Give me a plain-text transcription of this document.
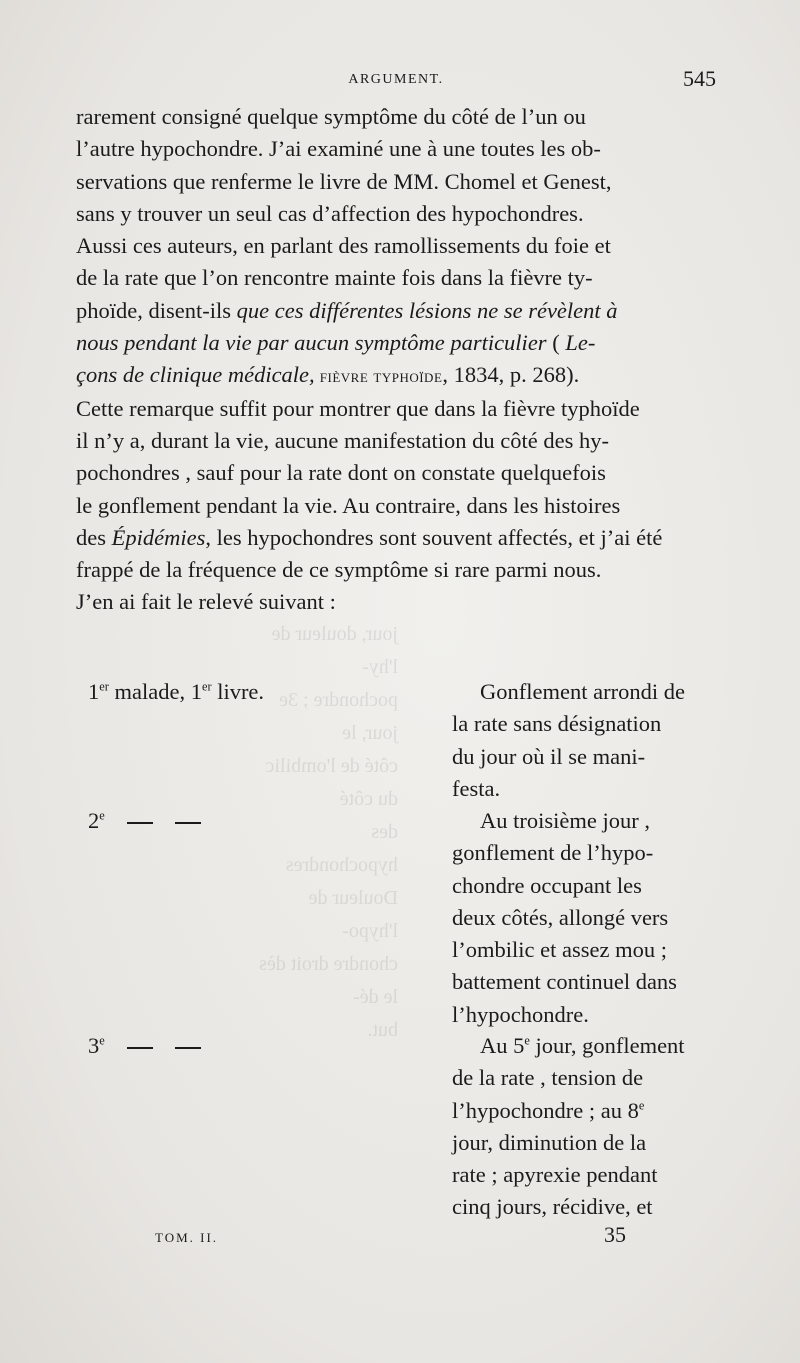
jour, douleur de l'hy-
pochondre ; 3e jour, le
côté de l'ombilic du côté
des hypochondres
Douleur de l'hypo-
chondre droit dès le dé-
but.
ARGUMENT.	545

rarement consigné quelque symptôme du côté de l’un ou

l’autre hypochondre. J’ai examiné une à une toutes les ob-

servations que renferme le livre de MM. Chomel et Genest,

sans y trouver un seul cas d’affection des hypochondres.

Aussi ces auteurs, en parlant des ramollissements du foie et

de la rate que l’on rencontre mainte fois dans la fièvre ty-

phoïde, disent-ils que ces différentes lésions ne se révèlent à

nous pendant la vie par aucun symptôme particulier ( Le-

çons de clinique médicale, fièvre typhoïde, 1834, p. 268).

Cette remarque suffit pour montrer que dans la fièvre typhoïde

il n’y a, durant la vie, aucune manifestation du côté des hy-

pochondres , sauf pour la rate dont on constate quelquefois

le gonflement pendant la vie. Au contraire, dans les histoires

des Épidémies, les hypochondres sont souvent affectés, et j’ai été

frappé de la fréquence de ce symptôme si rare parmi nous.

J’en ai fait le relevé suivant :

1er malade, 1er livre.	Gonflement arrondi de
la rate sans désignation
du jour où il se mani-
festa.
2e	Au troisième jour ,
gonflement de l’hypo-
chondre occupant les
deux côtés, allongé vers
l’ombilic et assez mou ;
battement continuel dans
l’hypochondre.
3e	Au 5e jour, gonflement
de la rate , tension de
l’hypochondre ; au 8e
jour, diminution de la
rate ; apyrexie pendant
cinq jours, récidive, et
TOM. II.	35
